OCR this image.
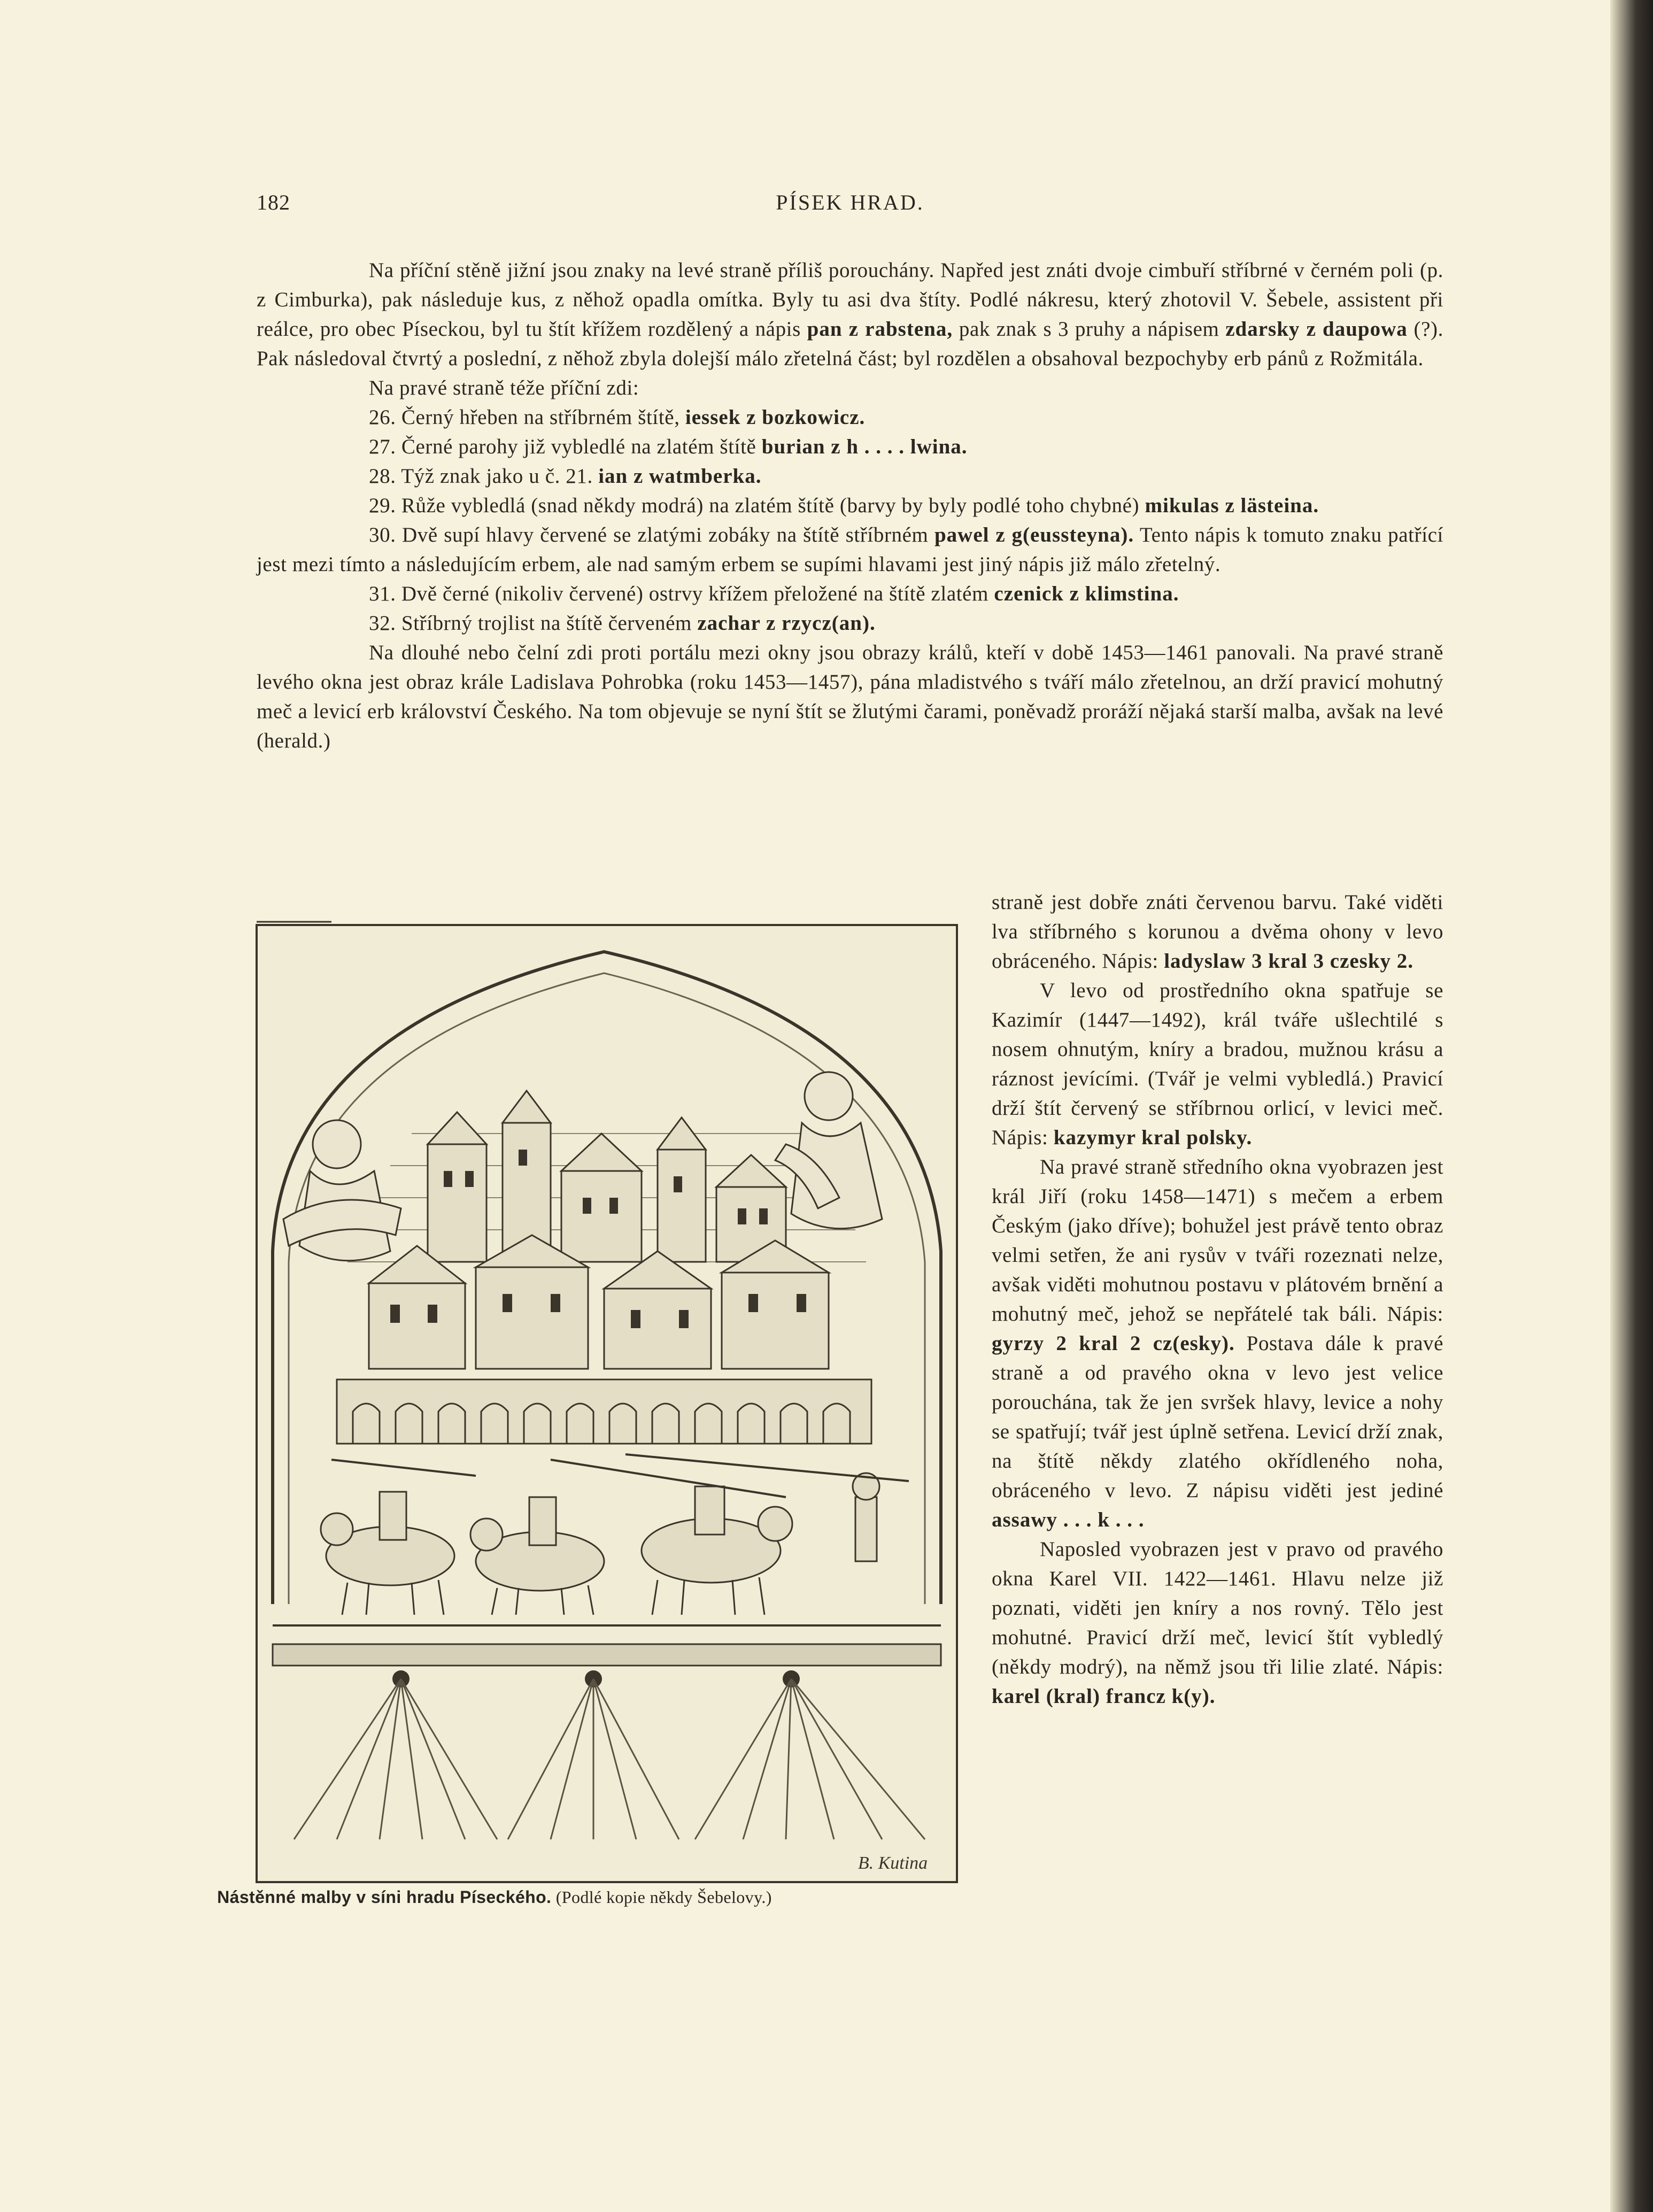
182	PÍSEK HRAD.

Na příční stěně jižní jsou znaky na levé straně příliš porouchány. Napřed jest znáti dvoje cimbuří stříbrné v černém poli (p. z Cimburka), pak následuje kus, z něhož opadla omítka. Byly tu asi dva štíty. Podlé nákresu, který zhotovil V. Šebele, assistent při reálce, pro obec Píseckou, byl tu štít křížem rozdělený a nápis pan z rabstena, pak znak s 3 pruhy a nápisem zdarsky z daupowa (?). Pak následoval čtvrtý a poslední, z něhož zbyla dolejší málo zřetelná část; byl rozdělen a obsahoval bezpochyby erb pánů z Rožmitála.

Na pravé straně téže příční zdi:

26. Černý hřeben na stříbrném štítě, iessek z bozkowicz.

27. Černé parohy již vybledlé na zlatém štítě burian z h . . . . lwina.

28. Týž znak jako u č. 21. ian z watmberka.

29. Růže vybledlá (snad někdy modrá) na zlatém štítě (barvy by byly podlé toho chybné) mikulas z lästeina.

30. Dvě supí hlavy červené se zlatými zobáky na štítě stříbrném pawel z g(eussteyna). Tento nápis k tomuto znaku patřící jest mezi tímto a následujícím erbem, ale nad samým erbem se supími hlavami jest jiný nápis již málo zřetelný.

31. Dvě černé (nikoliv červené) ostrvy křížem přeložené na štítě zlatém czenick z klimstina.

32. Stříbrný trojlist na štítě červeném zachar z rzycz(an).

Na dlouhé nebo čelní zdi proti portálu mezi okny jsou obrazy králů, kteří v době 1453—1461 panovali. Na pravé straně levého okna jest obraz krále Ladislava Pohrobka (roku 1453—1457), pána mladistvého s tváří málo zřetelnou, an drží pravicí mohutný meč a levicí erb království Českého. Na tom objevuje se nyní štít se žlutými čarami, poněvadž proráží nějaká starší malba, avšak na levé (herald.)

straně jest dobře znáti červenou barvu. Také viděti lva stříbrného s korunou a dvěma ohony v levo obráceného. Nápis: ladyslaw 3 kral 3 czesky 2.

V levo od prostředního okna spatřuje se Kazimír (1447—1492), král tváře ušlechtilé s nosem ohnutým, kníry a bradou, mužnou krásu a ráznost jevícími. (Tvář je velmi vybledlá.) Pravicí drží štít červený se stříbrnou orlicí, v levici meč. Nápis: kazymyr kral polsky.

Na pravé straně středního okna vyobrazen jest král Jiří (roku 1458—1471) s mečem a erbem Českým (jako dříve); bohužel jest právě tento obraz velmi setřen, že ani rysův v tváři rozeznati nelze, avšak viděti mohutnou postavu v plátovém brnění a mohutný meč, jehož se nepřátelé tak báli. Nápis: gyrzy 2 kral 2 cz(esky). Postava dále k pravé straně a od pravého okna v levo jest velice porouchána, tak že jen svršek hlavy, levice a nohy se spatřují; tvář jest úplně setřena. Levicí drží znak, na štítě někdy zlatého okřídleného noha, obráceného v levo. Z nápisu viděti jest jediné assawy . . . k . . .

Naposled vyobrazen jest v pravo od pravého okna Karel VII. 1422—1461. Hlavu nelze již poznati, viděti jen kníry a nos rovný. Tělo jest mohutné. Pravicí drží meč, levicí štít vybledlý (někdy modrý), na němž jsou tři lilie zlaté. Nápis: karel (kral) francz k(y).

B. Kutina
Nástěnné malby v síni hradu Píseckého. (Podlé kopie někdy Šebelovy.)
